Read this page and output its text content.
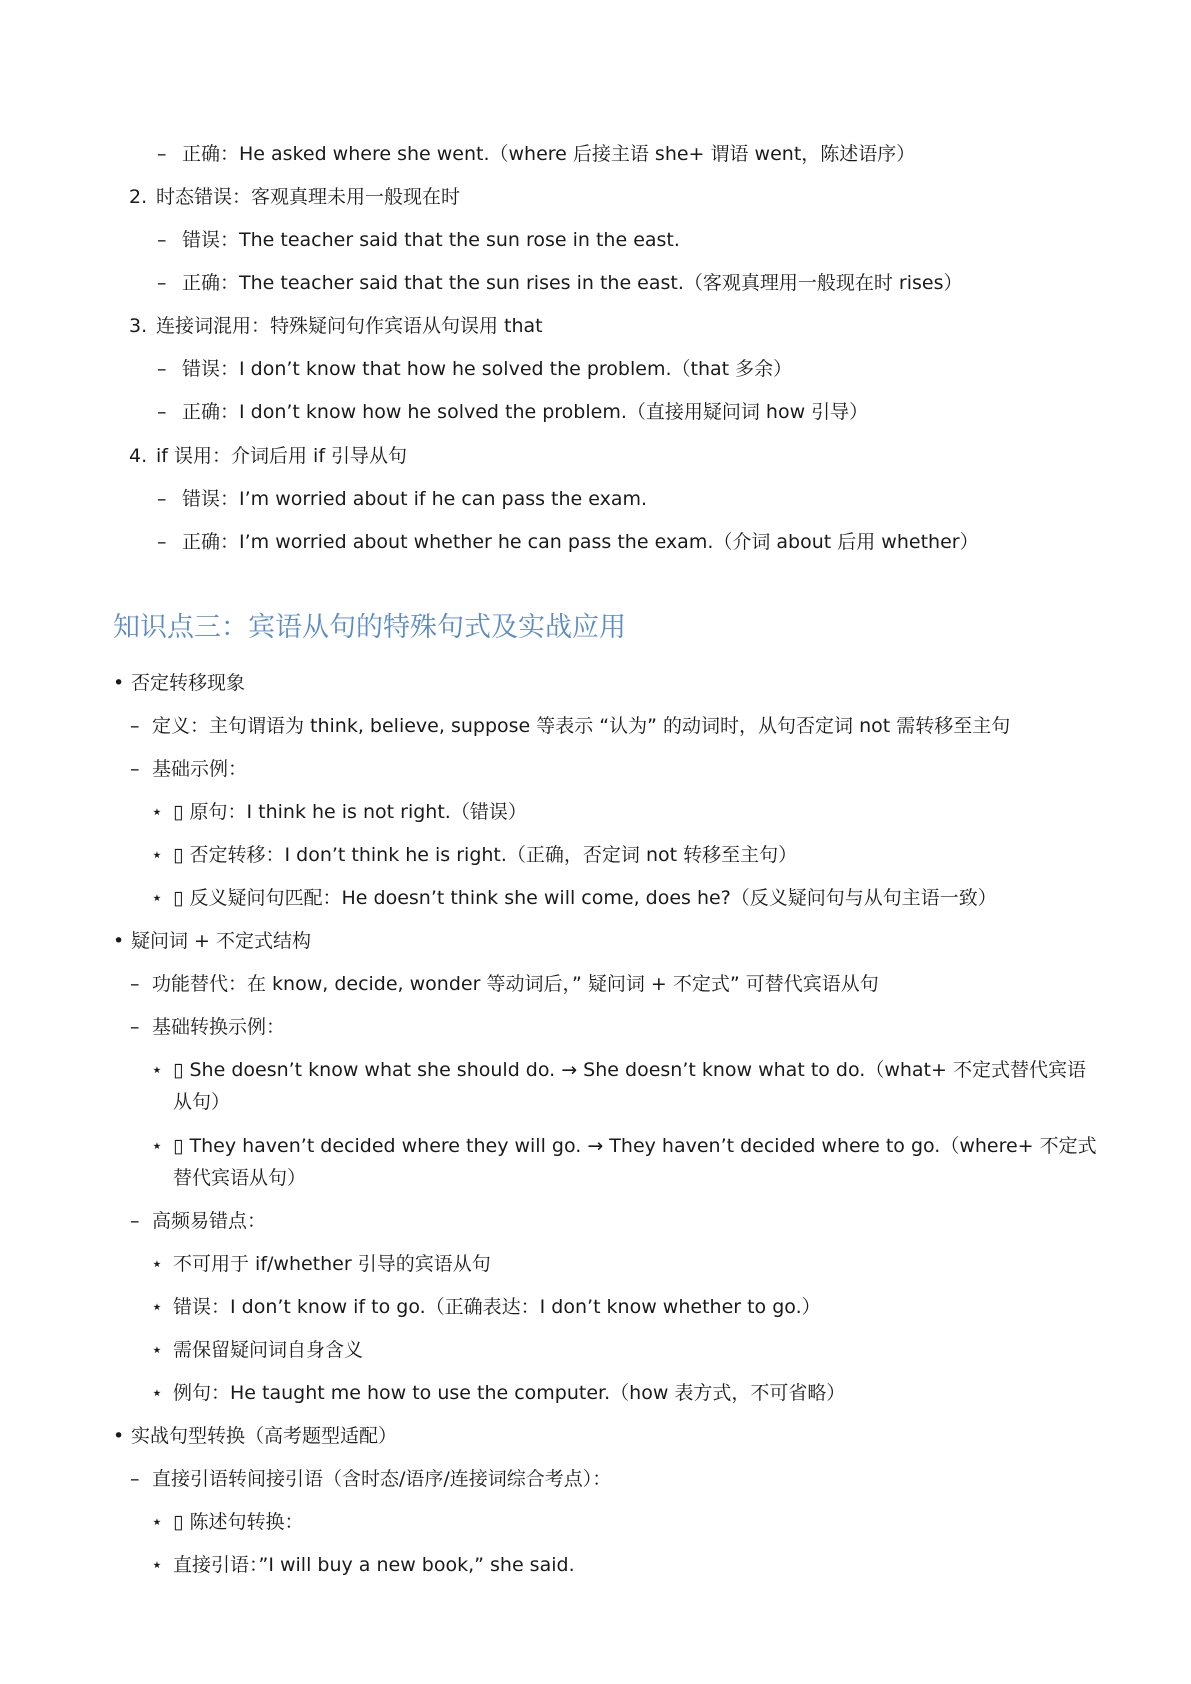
– 正确：He asked where she went.（where 后接主语 she+ 谓语 went，陈述语序）
2. 时态错误：客观真理未用一般现在时
– 错误：The teacher said that the sun rose in the east.
– 正确：The teacher said that the sun rises in the east.（客观真理用一般现在时 rises）
3. 连接词混用：特殊疑问句作宾语从句误用 that
– 错误：I don’t know that how he solved the problem.（that 多余）
– 正确：I don’t know how he solved the problem.（直接用疑问词 how 引导）
4. if 误用：介词后用 if 引导从句
– 错误：I’m worried about if he can pass the exam.
– 正确：I’m worried about whether he can pass the exam.（介词 about 后用 whether）
知识点三：宾语从句的特殊句式及实战应用
• 否定转移现象
– 定义：主句谓语为 think, believe, suppose 等表示 “认为” 的动词时，从句否定词 not 需转移至主句
– 基础示例：
⋆ ▯ 原句：I think he is not right.（错误）
⋆ ▯ 否定转移：I don’t think he is right.（正确，否定词 not 转移至主句）
⋆ ▯ 反义疑问句匹配：He doesn’t think she will come, does he?（反义疑问句与从句主语一致）
• 疑问词 + 不定式结构
– 功能替代：在 know, decide, wonder 等动词后，” 疑问词 + 不定式” 可替代宾语从句
– 基础转换示例：
⋆ ▯ She doesn’t know what she should do. → She doesn’t know what to do.（what+ 不定式替代宾语从句）
⋆ ▯ They haven’t decided where they will go. → They haven’t decided where to go.（where+ 不定式替代宾语从句）
– 高频易错点：
⋆ 不可用于 if/whether 引导的宾语从句
⋆ 错误：I don’t know if to go.（正确表达：I don’t know whether to go.）
⋆ 需保留疑问词自身含义
⋆ 例句：He taught me how to use the computer.（how 表方式，不可省略）
• 实战句型转换（高考题型适配）
– 直接引语转间接引语（含时态/语序/连接词综合考点）：
⋆ ▯ 陈述句转换：
⋆ 直接引语：”I will buy a new book,” she said.
